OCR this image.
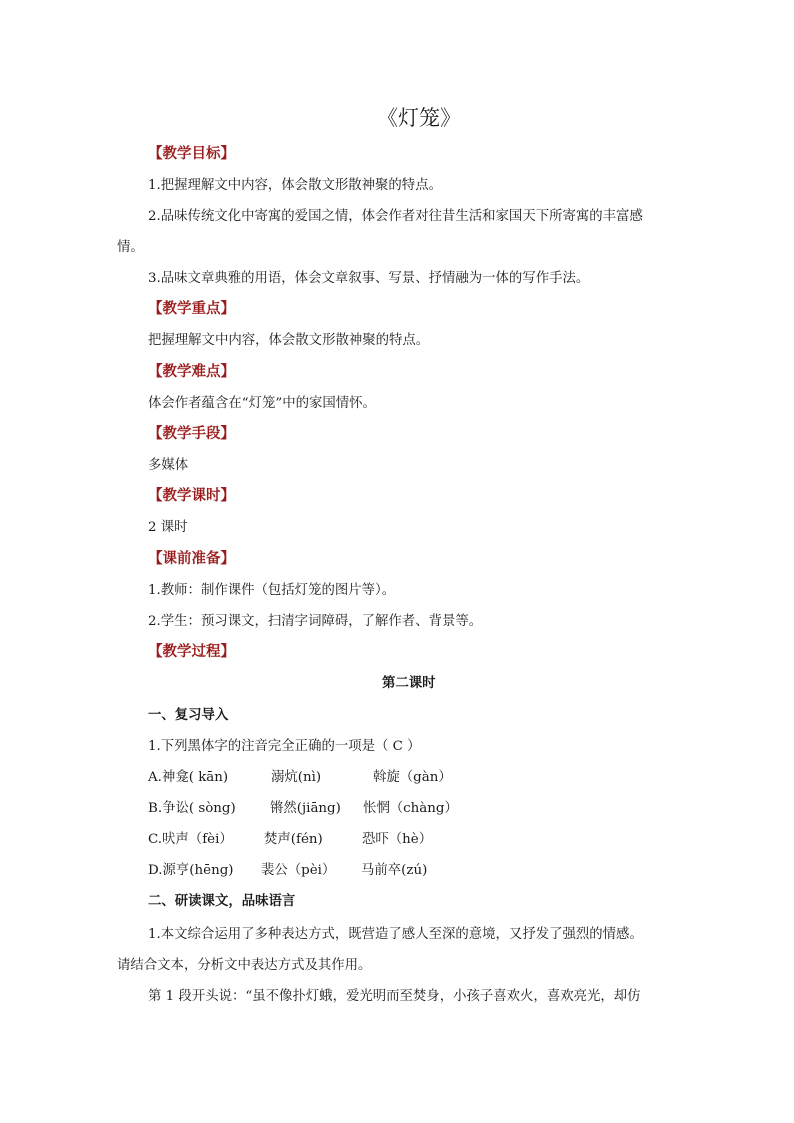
《灯笼》
【教学目标】
1.把握理解文中内容，体会散文形散神聚的特点。
2.品味传统文化中寄寓的爱国之情，体会作者对往昔生活和家国天下所寄寓的丰富感
情。
3.品味文章典雅的用语，体会文章叙事、写景、抒情融为一体的写作手法。
【教学重点】
把握理解文中内容，体会散文形散神聚的特点。
【教学难点】
体会作者蕴含在“灯笼”中的家国情怀。
【教学手段】
多媒体
【教学课时】
2 课时
【课前准备】
1.教师：制作课件（包括灯笼的图片等）。
2.学生：预习课文，扫清字词障碍，了解作者、背景等。
【教学过程】
第二课时
一、复习导入
1.下列黑体字的注音完全正确的一项是（ C ）
A.神龛( kān)	溺炕(nì)	斡旋（gàn）
B.争讼( sòng)	锵然(jiāng) 怅惘（chàng）
C.吠声（fèi） 焚声(fén)	恐吓（hè）
D.源亨(hēng) 裴公（pèi） 马前卒(zú)
二、研读课文，品味语言
1.本文综合运用了多种表达方式，既营造了感人至深的意境，又抒发了强烈的情感。
请结合文本，分析文中表达方式及其作用。
第 1 段开头说：“虽不像扑灯蛾，爱光明而至焚身，小孩子喜欢火，喜欢亮光，却仿
